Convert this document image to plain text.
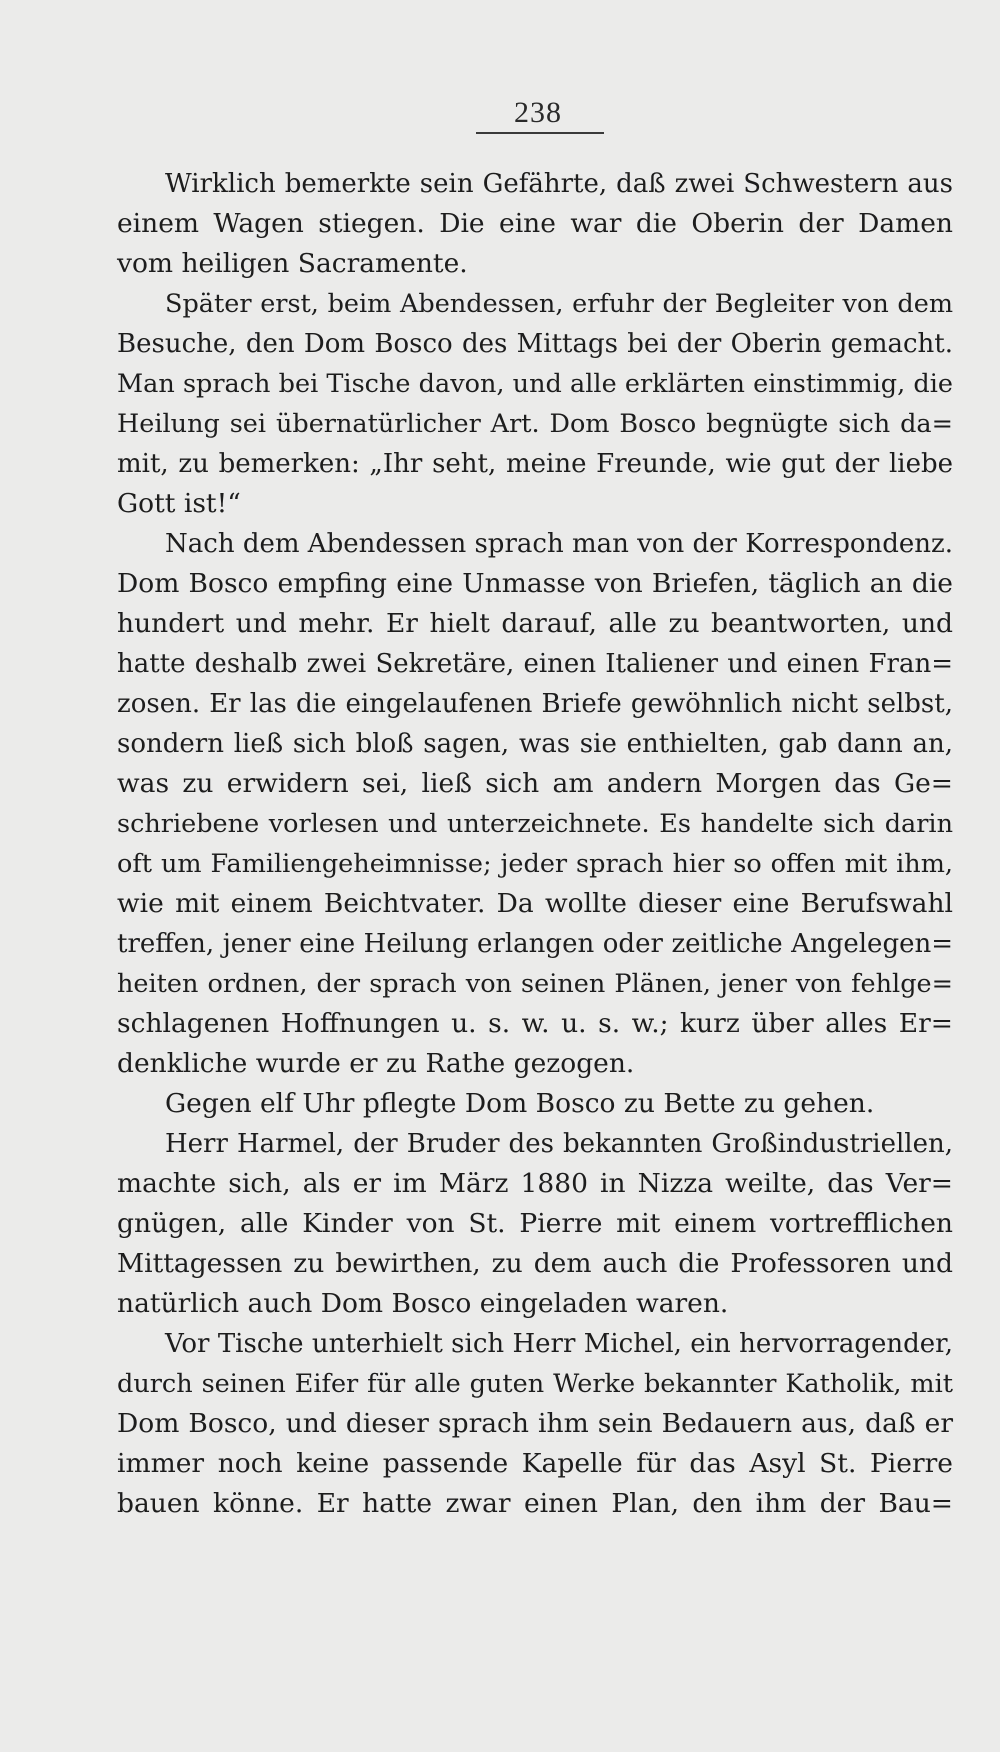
238
Wirklich bemerkte sein Gefährte, daß zwei Schwestern aus
einem Wagen stiegen. Die eine war die Oberin der Damen
vom heiligen Sacramente.
Später erst, beim Abendessen, erfuhr der Begleiter von dem
Besuche, den Dom Bosco des Mittags bei der Oberin gemacht.
Man sprach bei Tische davon, und alle erklärten einstimmig, die
Heilung sei übernatürlicher Art. Dom Bosco begnügte sich da=
mit, zu bemerken: „Ihr seht, meine Freunde, wie gut der liebe
Gott ist!“
Nach dem Abendessen sprach man von der Korrespondenz.
Dom Bosco empfing eine Unmasse von Briefen, täglich an die
hundert und mehr. Er hielt darauf, alle zu beantworten, und
hatte deshalb zwei Sekretäre, einen Italiener und einen Fran=
zosen. Er las die eingelaufenen Briefe gewöhnlich nicht selbst,
sondern ließ sich bloß sagen, was sie enthielten, gab dann an,
was zu erwidern sei, ließ sich am andern Morgen das Ge=
schriebene vorlesen und unterzeichnete. Es handelte sich darin
oft um Familiengeheimnisse; jeder sprach hier so offen mit ihm,
wie mit einem Beichtvater. Da wollte dieser eine Berufswahl
treffen, jener eine Heilung erlangen oder zeitliche Angelegen=
heiten ordnen, der sprach von seinen Plänen, jener von fehlge=
schlagenen Hoffnungen u. s. w. u. s. w.; kurz über alles Er=
denkliche wurde er zu Rathe gezogen.
Gegen elf Uhr pflegte Dom Bosco zu Bette zu gehen.
Herr Harmel, der Bruder des bekannten Großindustriellen,
machte sich, als er im März 1880 in Nizza weilte, das Ver=
gnügen, alle Kinder von St. Pierre mit einem vortrefflichen
Mittagessen zu bewirthen, zu dem auch die Professoren und
natürlich auch Dom Bosco eingeladen waren.
Vor Tische unterhielt sich Herr Michel, ein hervorragender,
durch seinen Eifer für alle guten Werke bekannter Katholik, mit
Dom Bosco, und dieser sprach ihm sein Bedauern aus, daß er
immer noch keine passende Kapelle für das Asyl St. Pierre
bauen könne. Er hatte zwar einen Plan, den ihm der Bau=
